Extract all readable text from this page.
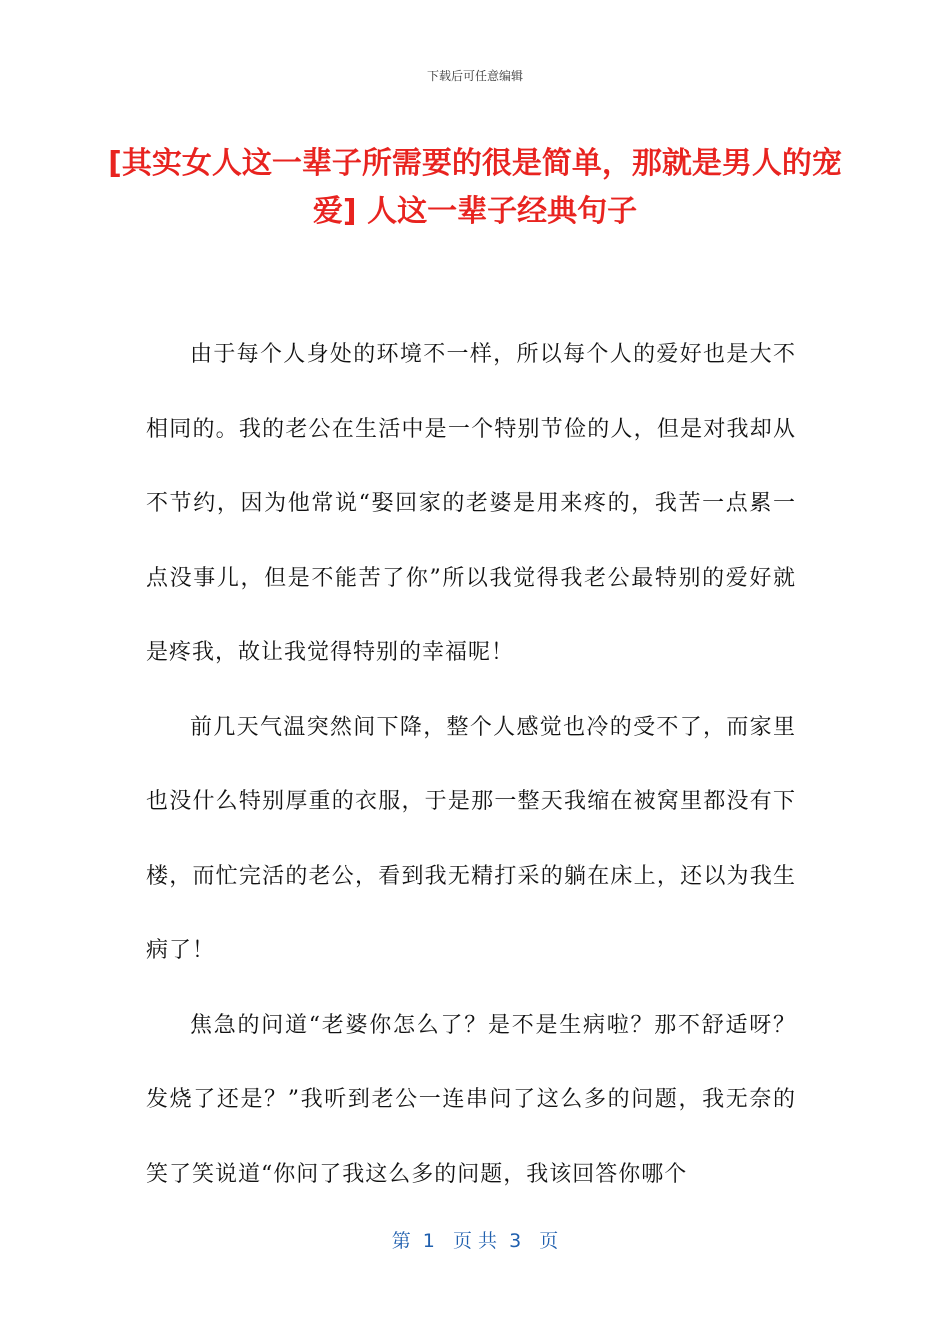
下载后可任意编辑
[其实女人这一辈子所需要的很是简单，那就是男人的宠爱] 人这一辈子经典句子

由于每个人身处的环境不一样，所以每个人的爱好也是大不相同的。我的老公在生活中是一个特别节俭的人，但是对我却从不节约，因为他常说“娶回家的老婆是用来疼的，我苦一点累一点没事儿，但是不能苦了你”所以我觉得我老公最特别的爱好就是疼我，故让我觉得特别的幸福呢！

前几天气温突然间下降，整个人感觉也冷的受不了，而家里也没什么特别厚重的衣服，于是那一整天我缩在被窝里都没有下楼，而忙完活的老公，看到我无精打采的躺在床上，还以为我生病了！

焦急的问道“老婆你怎么了？是不是生病啦？那不舒适呀？发烧了还是？”我听到老公一连串问了这么多的问题，我无奈的笑了笑说道“你问了我这么多的问题，我该回答你哪个

第  1   页 共  3   页
